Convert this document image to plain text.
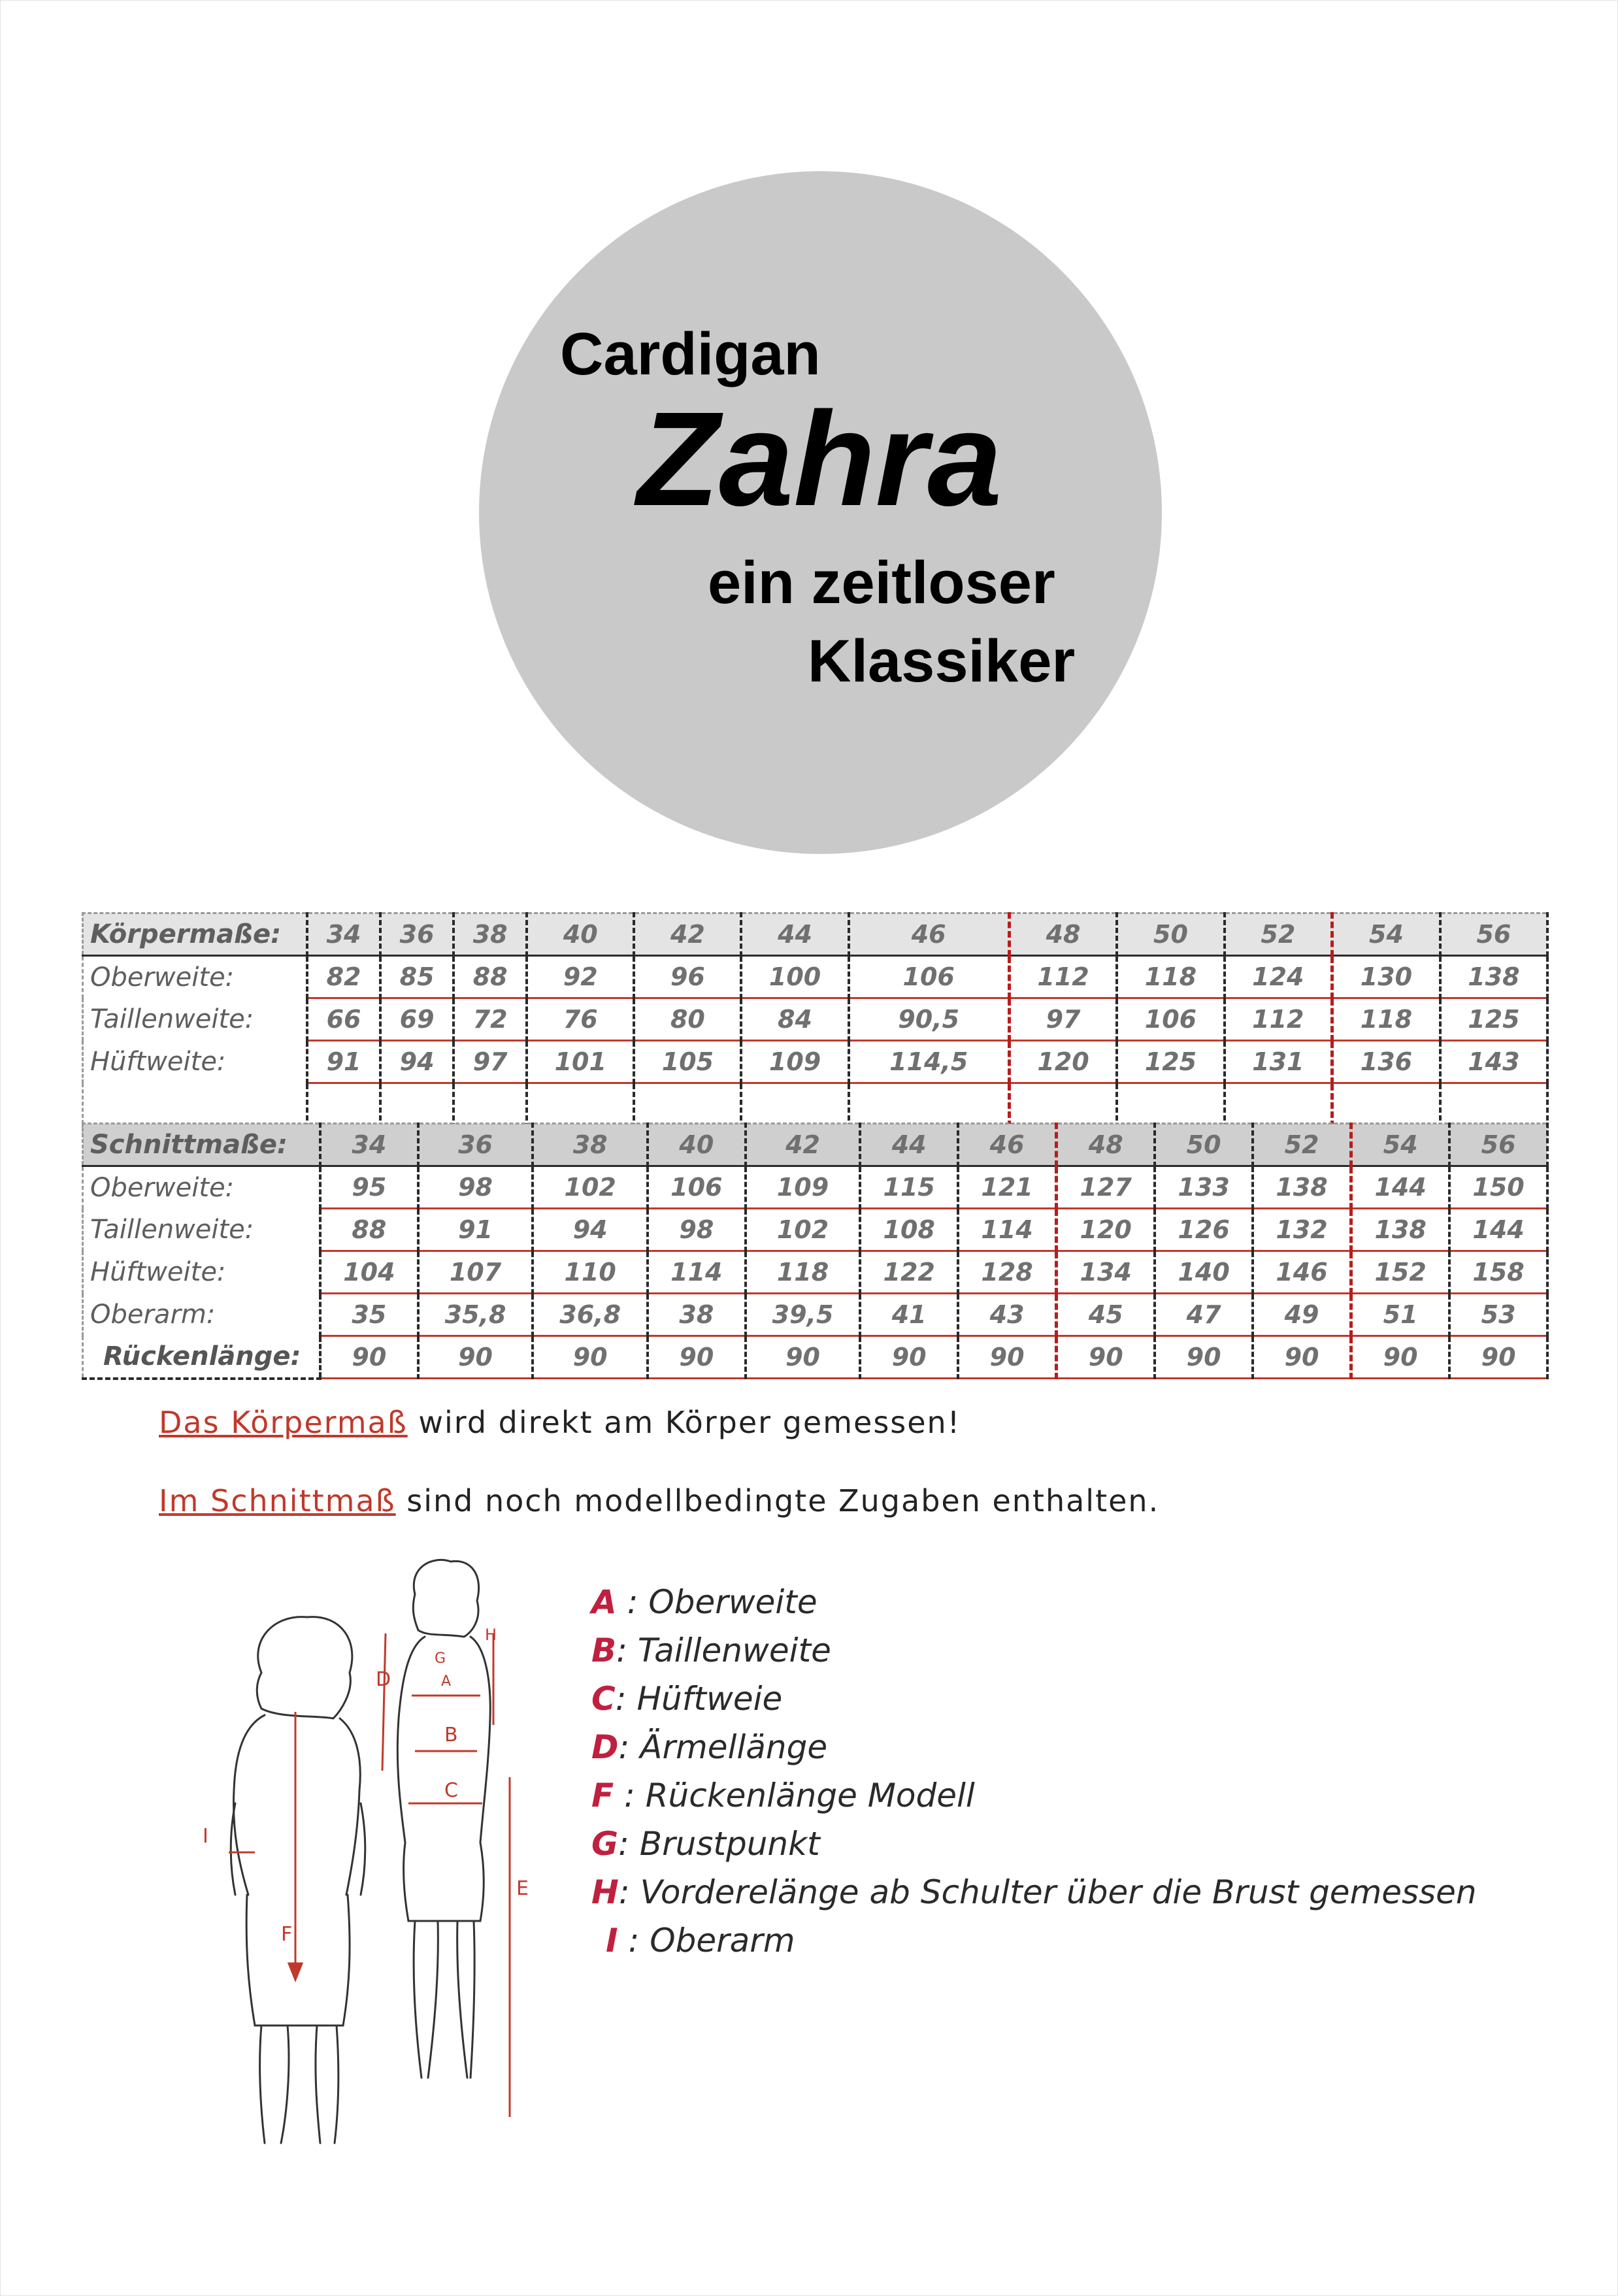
Cardigan
Zahra
ein zeitloser
Klassiker
Körpermaße:	34	36	38	40	42	44	46	48	50	52	54	56
Oberweite:	82	85	88	92	96	100	106	112	118	124	130	138
Taillenweite:	66	69	72	76	80	84	90,5	97	106	112	118	125
Hüftweite:	91	94	97	101	105	109	114,5	120	125	131	136	143

Schnittmaße:	34	36	38	40	42	44	46	48	50	52	54	56
Oberweite:	95	98	102	106	109	115	121	127	133	138	144	150
Taillenweite:	88	91	94	98	102	108	114	120	126	132	138	144
Hüftweite:	104	107	110	114	118	122	128	134	140	146	152	158
Oberarm:	35	35,8	36,8	38	39,5	41	43	45	47	49	51	53
Rückenlänge:	90	90	90	90	90	90	90	90	90	90	90	90
Das Körpermaß wird direkt am Körper gemessen!
Im Schnittmaß sind noch modellbedingte Zugaben enthalten.
D
I
F
G
A
H
B
C
E
A : Oberweite
B: Taillenweite
C: Hüftweie
D: Ärmellänge
F : Rückenlänge Modell
G: Brustpunkt
H: Vorderelänge ab Schulter über die Brust gemessen
I : Oberarm
